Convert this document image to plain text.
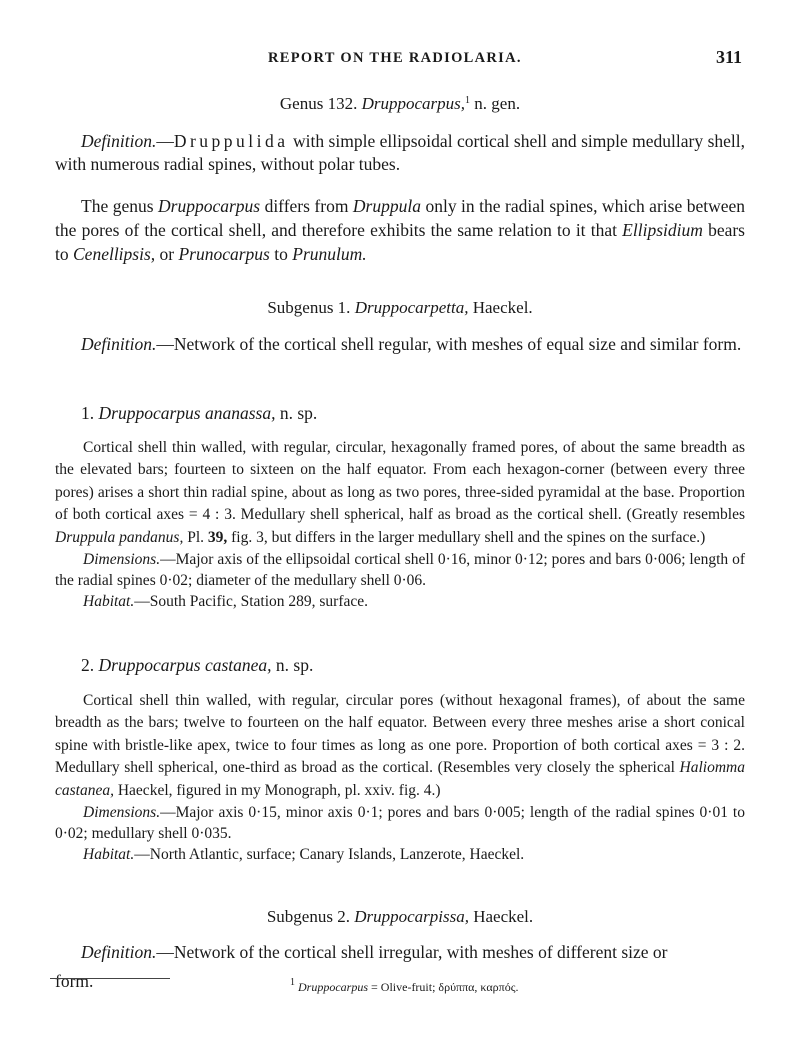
REPORT ON THE RADIOLARIA.	311
Genus 132. Druppocarpus,$^1$ n. gen.

Definition.—Druppulida with simple ellipsoidal cortical shell and simple medullary shell, with numerous radial spines, without polar tubes.

The genus Druppocarpus differs from Druppula only in the radial spines, which arise between the pores of the cortical shell, and therefore exhibits the same relation to it that Ellipsidium bears to Cenellipsis, or Prunocarpus to Prunulum.

Subgenus 1. Druppocarpetta, Haeckel.

Definition.—Network of the cortical shell regular, with meshes of equal size and similar form.

1. Druppocarpus ananassa, n. sp.

Cortical shell thin walled, with regular, circular, hexagonally framed pores, of about the same breadth as the elevated bars; fourteen to sixteen on the half equator. From each hexagon-corner (between every three pores) arises a short thin radial spine, about as long as two pores, three-sided pyramidal at the base. Proportion of both cortical axes = 4 : 3. Medullary shell spherical, half as broad as the cortical shell. (Greatly resembles Druppula pandanus, Pl. 39, fig. 3, but differs in the larger medullary shell and the spines on the surface.)

Dimensions.—Major axis of the ellipsoidal cortical shell 0·16, minor 0·12; pores and bars 0·006; length of the radial spines 0·02; diameter of the medullary shell 0·06.

Habitat.—South Pacific, Station 289, surface.

2. Druppocarpus castanea, n. sp.

Cortical shell thin walled, with regular, circular pores (without hexagonal frames), of about the same breadth as the bars; twelve to fourteen on the half equator. Between every three meshes arise a short conical spine with bristle-like apex, twice to four times as long as one pore. Proportion of both cortical axes = 3 : 2. Medullary shell spherical, one-third as broad as the cortical. (Resembles very closely the spherical Haliomma castanea, Haeckel, figured in my Monograph, pl. xxiv. fig. 4.)

Dimensions.—Major axis 0·15, minor axis 0·1; pores and bars 0·005; length of the radial spines 0·01 to 0·02; medullary shell 0·035.

Habitat.—North Atlantic, surface; Canary Islands, Lanzerote, Haeckel.

Subgenus 2. Druppocarpissa, Haeckel.

Definition.—Network of the cortical shell irregular, with meshes of different size or

form.	$^1$ Druppocarpus = Olive-fruit; δρύππα, καρπός.
